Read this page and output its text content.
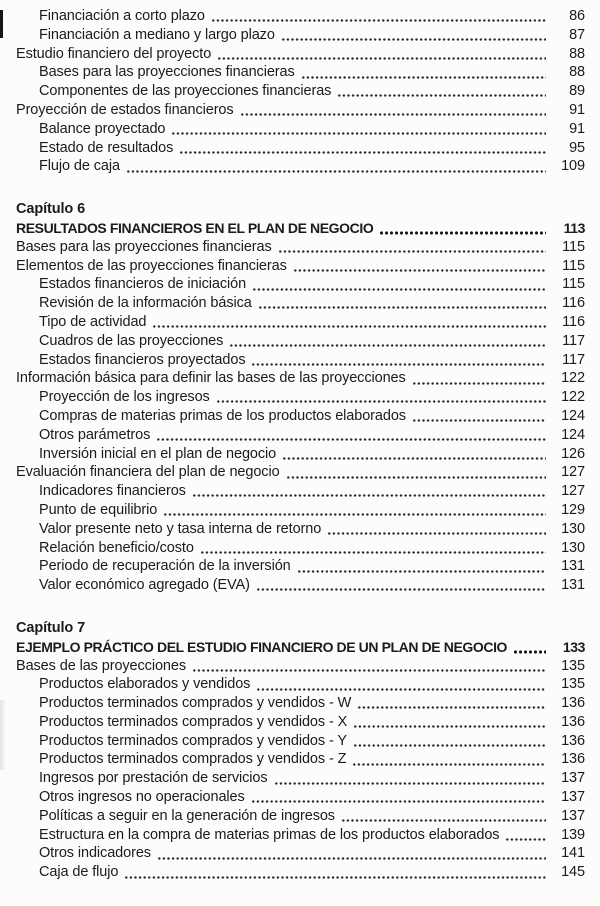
Financiación a corto plazo	86
Financiación a mediano y largo plazo	87
Estudio financiero del proyecto	88
Bases para las proyecciones financieras	88
Componentes de las proyecciones financieras	89
Proyección de estados financieros	91
Balance proyectado	91
Estado de resultados	95
Flujo de caja	109
Capítulo 6
RESULTADOS FINANCIEROS EN EL PLAN DE NEGOCIO	113
Bases para las proyecciones financieras	115
Elementos de las proyecciones financieras	115
Estados financieros de iniciación	115
Revisión de la información básica	116
Tipo de actividad	116
Cuadros de las proyecciones	117
Estados financieros proyectados	117
Información básica para definir las bases de las proyecciones	122
Proyección de los ingresos	122
Compras de materias primas de los productos elaborados	124
Otros parámetros	124
Inversión inicial en el plan de negocio	126
Evaluación financiera del plan de negocio	127
Indicadores financieros	127
Punto de equilibrio	129
Valor presente neto y tasa interna de retorno	130
Relación beneficio/costo	130
Periodo de recuperación de la inversión	131
Valor económico agregado (EVA)	131
Capítulo 7
EJEMPLO PRÁCTICO DEL ESTUDIO FINANCIERO DE UN PLAN DE NEGOCIO	133
Bases de las proyecciones	135
Productos elaborados y vendidos	135
Productos terminados comprados y vendidos - W	136
Productos terminados comprados y vendidos - X	136
Productos terminados comprados y vendidos - Y	136
Productos terminados comprados y vendidos - Z	136
Ingresos por prestación de servicios	137
Otros ingresos no operacionales	137
Políticas a seguir en la generación de ingresos	137
Estructura en la compra de materias primas de los productos elaborados	139
Otros indicadores	141
Caja de flujo	145
